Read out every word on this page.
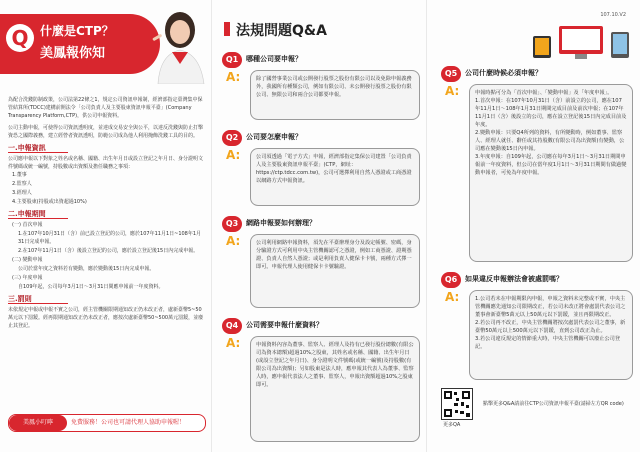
Q 什麼是CTP？
美鳳報你知

為配合洗錢防制政策，公司法第22條之1，規定公司資訊申報制，經濟部指定臺灣集中保管結算所(TDCC)建構前開法令「公司負責人及主要股東資訊申報平臺」(Company Transparency Platform,CTP)，供公司申報資料。

公司主動申報，可使得公司資訊透明度，並達成交易安全與公平，以達反洗錢與防止打擊資恐之國際義務，建立經營者資訊透明，防範公司成為他人利用掩飾洗錢工具的目的。

一.申報資訊
公司應申報以下對象之姓名或名稱、國籍、出生年月日或設立登記之年月日、身分證明文件號碼或統一編號，持股數或出資額及擔任職務之事項：
1.董事
2.監察人
3.經理人
4.主要股東(持股或出資超過10%)
二.申報期間
(一) 首次申報
1.在107年10月31日（含）前已設立登記的公司，應於107年11月1日~108年1月31日完成申報。
2.在107年11月1日（含）後設立登記的公司，應於設立登記後15日內完成申報。
(二) 變動申報
公司於當年度之資料若有變動，應於變動後15日內完成申報。
(三) 年度申報
自109年起，公司每年3月1日～3月31日間應申報前一年度資料。
三.罰則
未依規定申報或申報不實之公司，經主管機關限期通知改正仍未改正者，處新臺幣5~50萬元以下罰鍰。經再限期通知改正仍未改正者，應按次處新臺幣50~500萬元罰鍰，並廢止其登記。
美鳳小叮嚀	免費服務！公司也可請代理人協助申報喔！
法規問題Q&A
Q1	哪種公司要申報？
A:	除了國營事業公司或公開發行股票之股份有限公司以及免除申報義務外，我國所有種類公司，例如有限公司、未公開發行股票之股份有限公司、無限公司和兩合公司都要申報。
Q2	公司要怎麼申報？
A:	公司須透過「電子方式」申報，經濟部指定集保公司建置「公司負責人及主要股東資訊申報平臺」(CTP，網址：https://ctp.tdcc.com.tw)，公司可選擇利用自然人憑證或工商憑證以網路方式申報資訊。
Q3	網路申報要如何辦理？
A:	公司利用網路申報資料，須先在平臺辦理身分及設定帳號、密碼，身分驗證方式可利用中央主管機關認可之憑證，例如工商憑證、證期憑證、負責人自然人憑證；或是利用負責人健保卡卡號，兩種方式擇一即可。申報代理人使用健保卡卡號驗證。
Q4	公司需要申報什麼資料？
A:	申報資料內容為董事、監察人、經理人及持有已發行股份總數(有限公司為資本總額)超過10%之股東，其姓名或名稱、國籍、出生年月日(或設立登記之年月日)、身分證明文件號碼(或統一編號)及持股數(有限公司為出資額)；另如股東是法人時，應申報其代表人為董事、監察人時，應申報代表法人之董事、監察人，申報出資額超過10%之股東即可。
107.10.V2
Q5	公司什麼時候必須申報？
A:	申報時點可分為「首次申報」、「變動申報」及「年度申報」。
1.首次申報：在107年10月31日（含）前設立的公司，應在107年11月1日～108年1月31日期間完成目前及前次申報；在107年11月1日（含）後設立的公司，應在設立登記後15日內完成目前及年度。
2.變動申報：只要Q4所列的資料，有所變動時，例如董事、監察人、經理人就任、辭任或其持股數(有限公司為出資額)有變動，公司應在變動後15日內申報。
3.年度申報：自109年起，公司應在每年3月1日～3月31日期間申報前一年度資料，但公司在當年度1月1日～3月31日期間有做過變動申報者，可免為年度申報。
Q6	如果違反申報辦法會被處罰嗎？
A:	1.公司若未在申報期限內申報，申報之資料未完整或不實，中央主管機關應先通知公司限期改正，若公司未改正將會處罰代表公司之董事會新臺幣5萬元以上50萬元以下罰鍰，並且再限期改正。
2.若公司再不改正，中央主管機關將按次處罰代表公司之董事，新臺幣50萬元以上500萬元以下罰鍰，直到公司改正為止。
3.若公司違反規定的情節重大時，中央主管機關可以廢止公司登記。
點擊更多Q&A請前往CTP公司資訊申報平臺(請掃左方QR code)
更多QA
